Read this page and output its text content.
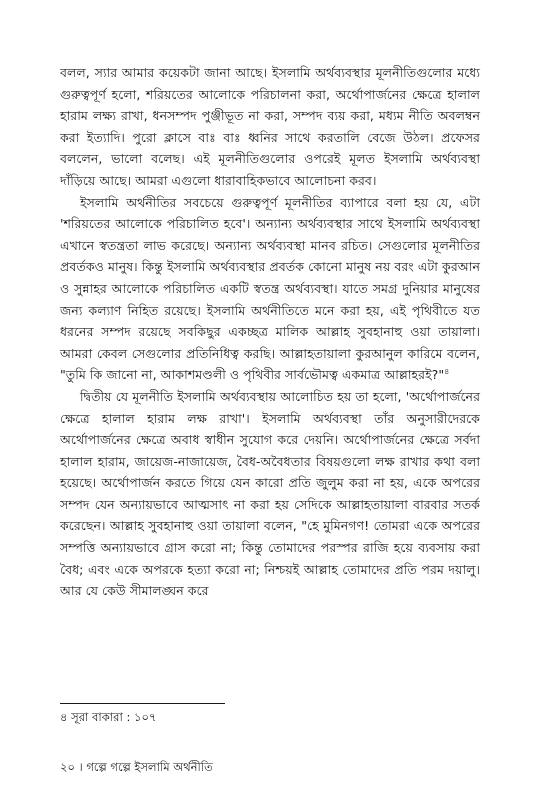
বলল, স্যার আমার কয়েকটা জানা আছে। ইসলামি অর্থব্যবস্থার মূলনীতিগুলোর মধ্যে গুরুত্বপূর্ণ হলো, শরিয়তের আলোকে পরিচালনা করা, অর্থোপার্জনের ক্ষেত্রে হালাল হারাম লক্ষ্য রাখা, ধনসম্পদ পুঞ্জীভূত না করা, সম্পদ ব্যয় করা, মধ্যম নীতি অবলম্বন করা ইত্যাদি। পুরো ক্লাসে বাঃ বাঃ ধ্বনির সাথে করতালি বেজে উঠল। প্রফেসর বললেন, ভালো বলেছ। এই মূলনীতিগুলোর ওপরেই মূলত ইসলামি অর্থব্যবস্থা দাঁড়িয়ে আছে। আমরা এগুলো ধারাবাহিকভাবে আলোচনা করব।

ইসলামি অর্থনীতির সবচেয়ে গুরুত্বপূর্ণ মূলনীতির ব্যাপারে বলা হয় যে, এটা 'শরিয়তের আলোকে পরিচালিত হবে'। অন্যান্য অর্থব্যবস্থার সাথে ইসলামি অর্থব্যবস্থা এখানে স্বতন্ত্রতা লাভ করেছে। অন্যান্য অর্থব্যবস্থা মানব রচিত। সেগুলোর মূলনীতির প্রবর্তকও মানুষ। কিন্তু ইসলামি অর্থব্যবস্থার প্রবর্তক কোনো মানুষ নয় বরং এটা কুরআন ও সুন্নাহর আলোকে পরিচালিত একটি স্বতন্ত্র অর্থব্যবস্থা। যাতে সমগ্র দুনিয়ার মানুষের জন্য কল্যাণ নিহিত রয়েছে। ইসলামি অর্থনীতিতে মনে করা হয়, এই পৃথিবীতে যত ধরনের সম্পদ রয়েছে সবকিছুর একচ্ছত্র মালিক আল্লাহ সুবহানাহু ওয়া তায়ালা। আমরা কেবল সেগুলোর প্রতিনিধিত্ব করছি। আল্লাহতায়ালা কুরআনুল কারিমে বলেন, "তুমি কি জানো না, আকাশমণ্ডলী ও পৃথিবীর সার্বভৌমত্ব একমাত্র আল্লাহরই?"$^৪$

দ্বিতীয় যে মূলনীতি ইসলামি অর্থব্যবস্থায় আলোচিত হয় তা হলো, 'অর্থোপার্জনের ক্ষেত্রে হালাল হারাম লক্ষ রাখা'। ইসলামি অর্থব্যবস্থা তাঁর অনুসারীদেরকে অর্থোপার্জনের ক্ষেত্রে অবাধ স্বাধীন সুযোগ করে দেয়নি। অর্থোপার্জনের ক্ষেত্রে সর্বদা হালাল হারাম, জায়েজ-নাজায়েজ, বৈধ-অবৈধতার বিষয়গুলো লক্ষ রাখার কথা বলা হয়েছে। অর্থোপার্জন করতে গিয়ে যেন কারো প্রতি জুলুম করা না হয়, একে অপরের সম্পদ যেন অন্যায়ভাবে আত্মসাৎ না করা হয় সেদিকে আল্লাহতায়ালা বারবার সতর্ক করেছেন। আল্লাহ সুবহানাহু ওয়া তায়ালা বলেন, "হে মুমিনগণ! তোমরা একে অপরের সম্পত্তি অন্যায়ভাবে গ্রাস করো না; কিন্তু তোমাদের পরস্পর রাজি হয়ে ব্যবসায় করা বৈধ; এবং একে অপরকে হত্যা করো না; নিশ্চয়ই আল্লাহ তোমাদের প্রতি পরম দয়ালু। আর যে কেউ সীমালঙ্ঘন করে

৪ সূরা বাকারা : ১০৭
২০ । গল্পে গল্পে ইসলামি অর্থনীতি
